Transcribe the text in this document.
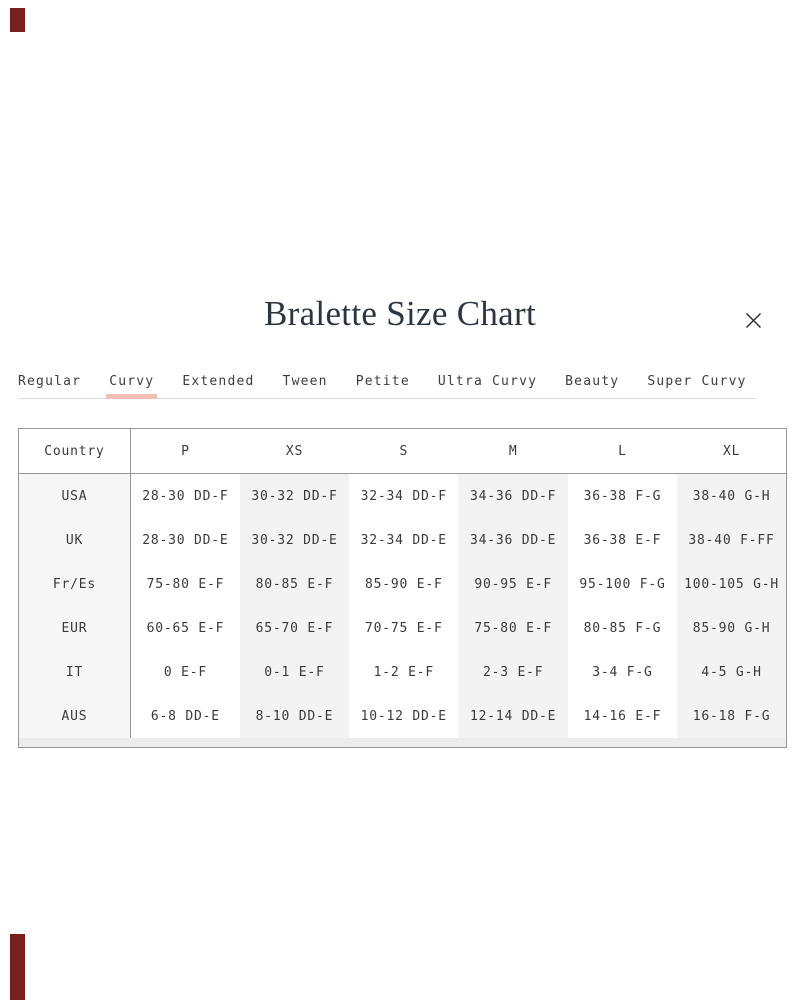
Bralette Size Chart
Regular Curvy Extended Tween Petite Ultra Curvy Beauty Super Curvy
Country	P	XS	S	M	L	XL
USA	28-30 DD-F	30-32 DD-F	32-34 DD-F	34-36 DD-F	36-38 F-G	38-40 G-H
UK	28-30 DD-E	30-32 DD-E	32-34 DD-E	34-36 DD-E	36-38 E-F	38-40 F-FF
Fr/Es	75-80 E-F	80-85 E-F	85-90 E-F	90-95 E-F	95-100 F-G	100-105 G-H
EUR	60-65 E-F	65-70 E-F	70-75 E-F	75-80 E-F	80-85 F-G	85-90 G-H
IT	0 E-F	0-1 E-F	1-2 E-F	2-3 E-F	3-4 F-G	4-5 G-H
AUS	6-8 DD-E	8-10 DD-E	10-12 DD-E	12-14 DD-E	14-16 E-F	16-18 F-G
